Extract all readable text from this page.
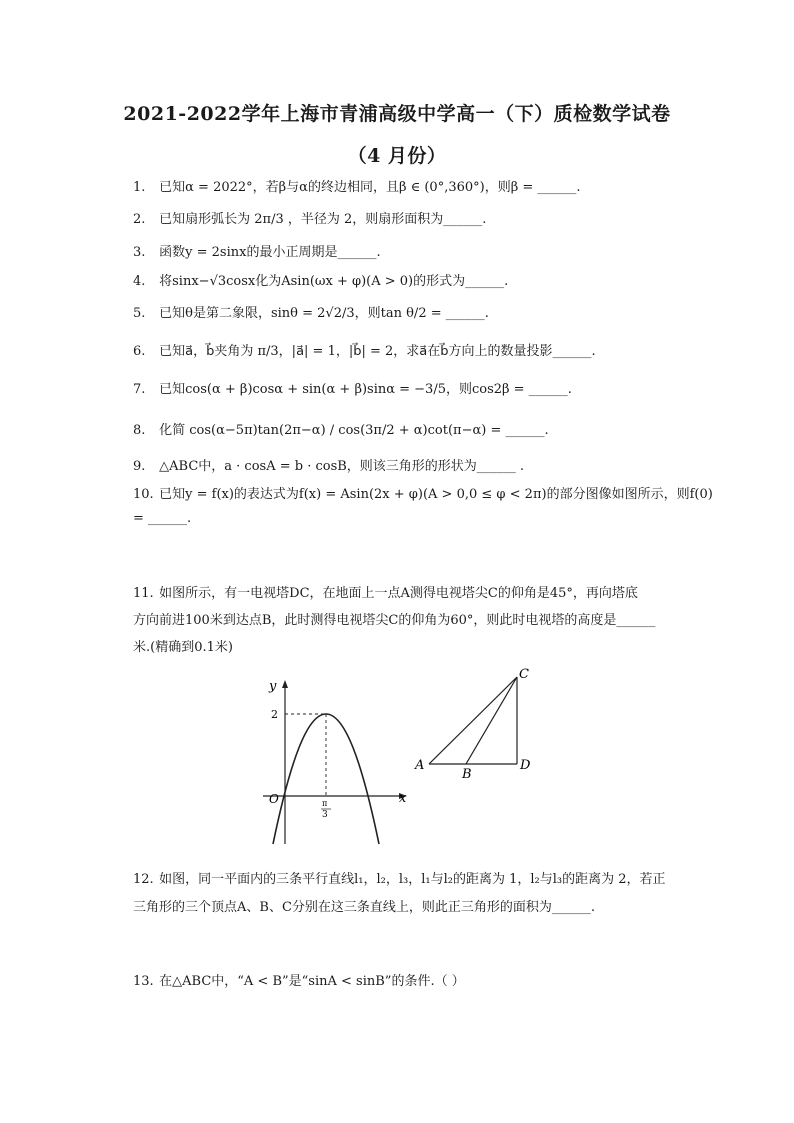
2021-2022学年上海市青浦高级中学高一（下）质检数学试卷
（4 月份）
1. 已知α = 2022°，若β与α的终边相同，且β ∈ (0°,360°)，则β = ______.
2. 已知扇形弧长为 2π/3 ，半径为 2，则扇形面积为______.
3. 函数y = 2sinx的最小正周期是______.
4. 将sinx−√3cosx化为Asin(ωx + φ)(A > 0)的形式为______.
5. 已知θ是第二象限，sinθ = 2√2/3，则tan θ/2 = ______.
6. 已知a⃗，b⃗夹角为 π/3，|a⃗| = 1，|b⃗| = 2，求a⃗在b⃗方向上的数量投影______.
7. 已知cos(α + β)cosα + sin(α + β)sinα = −3/5，则cos2β = ______.
8. 化简 cos(α−5π)tan(2π−α) / cos(3π/2 + α)cot(π−α) = ______.
9. △ABC中，a · cosA = b · cosB，则该三角形的形状为______ .
10. 已知y = f(x)的表达式为f(x) = Asin(2x + φ)(A > 0,0 ≤ φ < 2π)的部分图像如图所示，则f(0)
= ______.
11. 如图所示，有一电视塔DC，在地面上一点A测得电视塔尖C的仰角是45°，再向塔底
方向前进100米到达点B，此时测得电视塔尖C的仰角为60°，则此时电视塔的高度是______
米.(精确到0.1米)
y
x
O
2
π
3
A
B
C
D
12. 如图，同一平面内的三条平行直线l₁，l₂，l₃，l₁与l₂的距离为 1，l₂与l₃的距离为 2，若正
三角形的三个顶点A、B、C分别在这三条直线上，则此正三角形的面积为______.
13. 在△ABC中，“A < B”是“sinA < sinB”的条件.（ ）
